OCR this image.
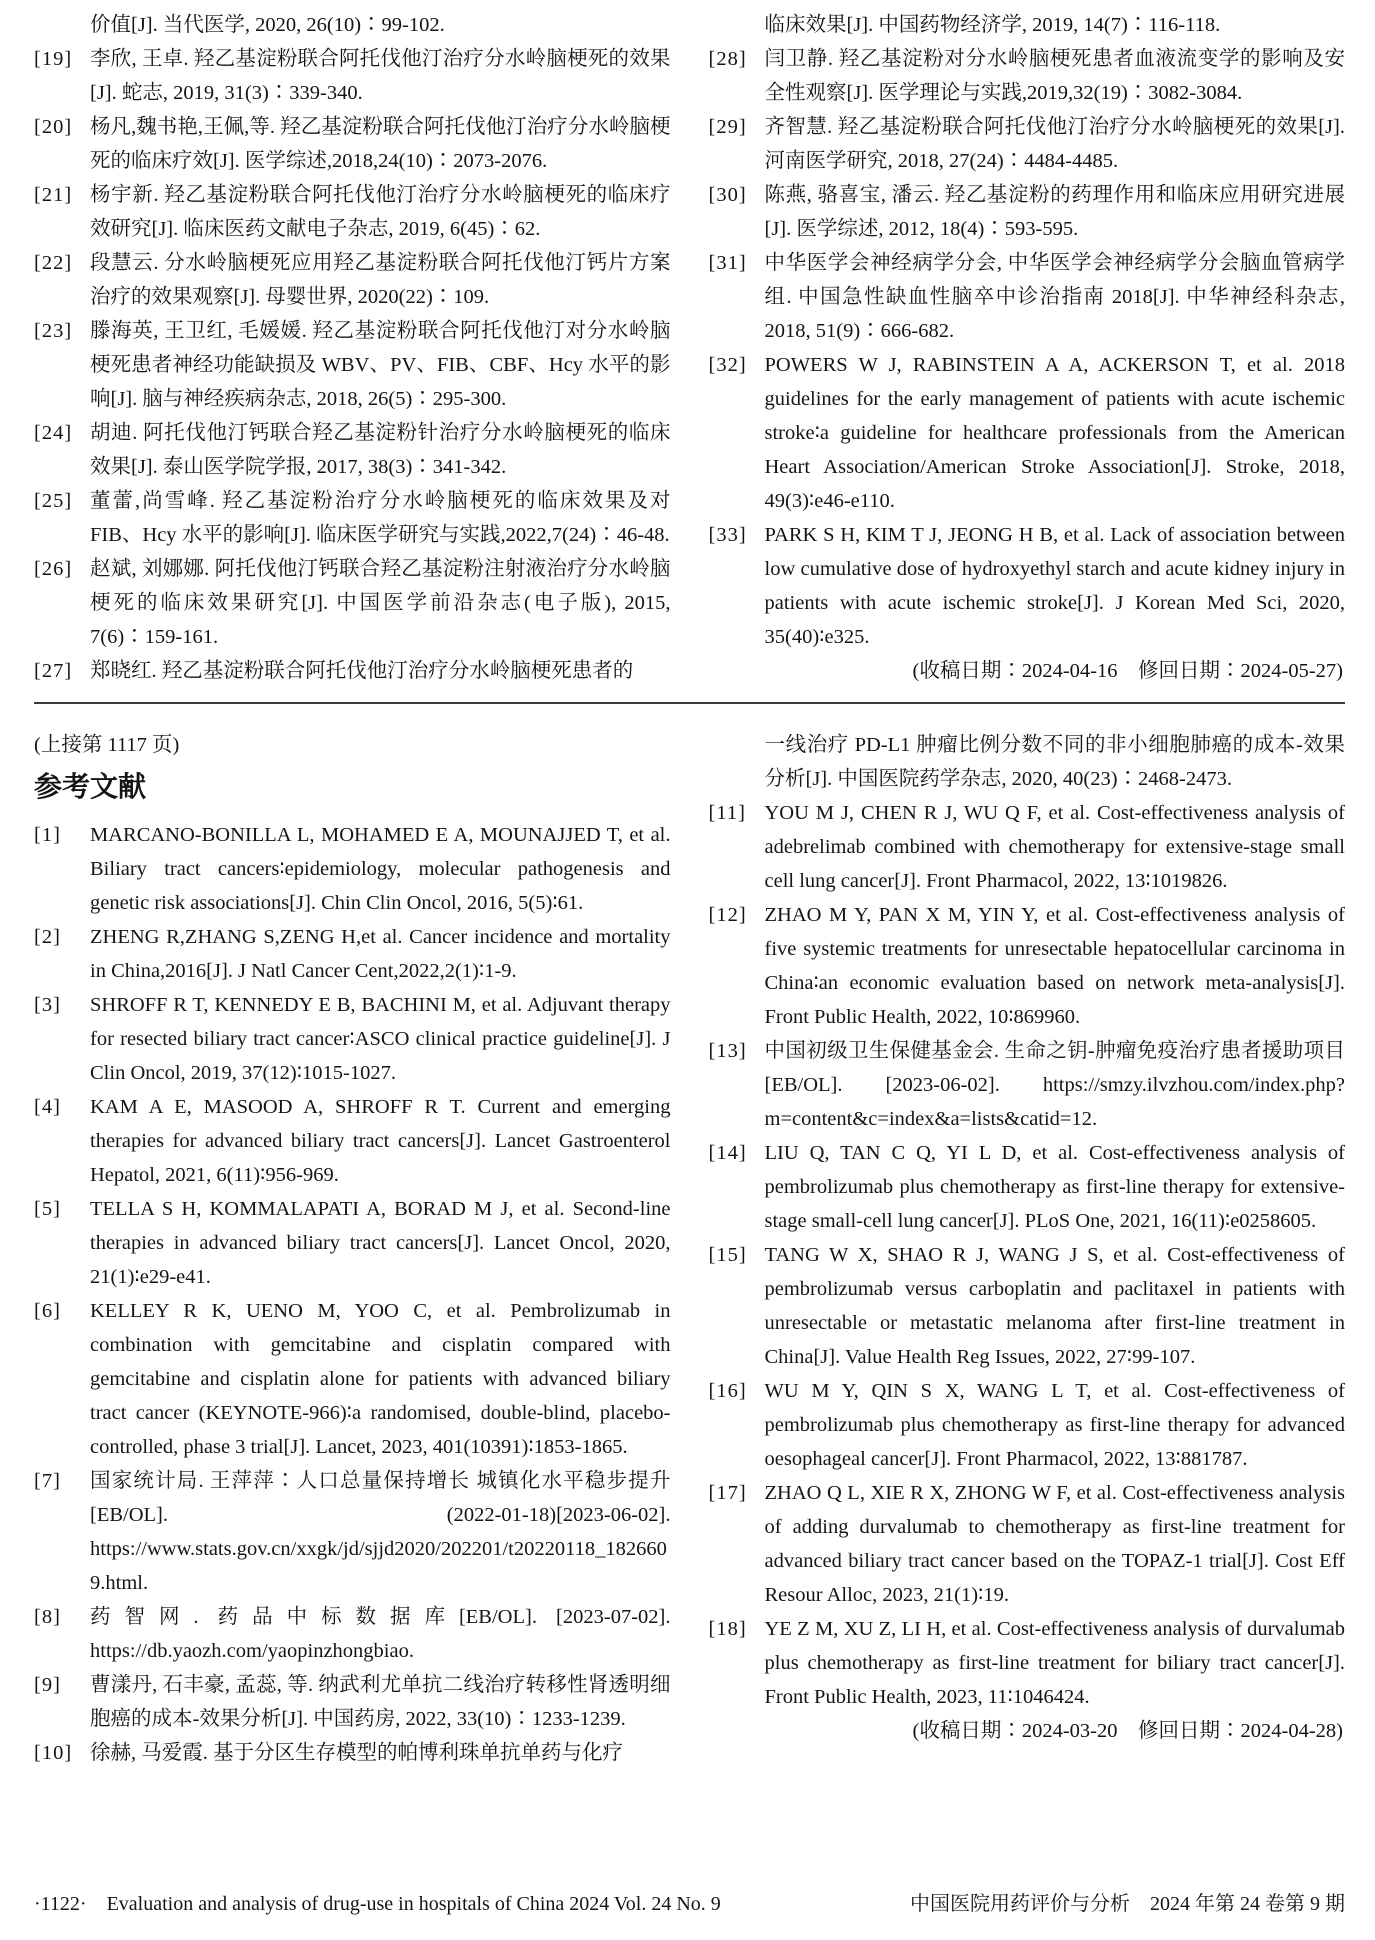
价值[J]. 当代医学, 2020, 26(10)∶99-102.

[19] 李欣, 王卓. 羟乙基淀粉联合阿托伐他汀治疗分水岭脑梗死的效果[J]. 蛇志, 2019, 31(3)∶339-340.
[20] 杨凡,魏书艳,王佩,等. 羟乙基淀粉联合阿托伐他汀治疗分水岭脑梗死的临床疗效[J]. 医学综述,2018,24(10)∶2073-2076.
[21] 杨宇新. 羟乙基淀粉联合阿托伐他汀治疗分水岭脑梗死的临床疗效研究[J]. 临床医药文献电子杂志, 2019, 6(45)∶62.
[22] 段慧云. 分水岭脑梗死应用羟乙基淀粉联合阿托伐他汀钙片方案治疗的效果观察[J]. 母婴世界, 2020(22)∶109.
[23] 滕海英, 王卫红, 毛媛媛. 羟乙基淀粉联合阿托伐他汀对分水岭脑梗死患者神经功能缺损及 WBV、PV、FIB、CBF、Hcy 水平的影响[J]. 脑与神经疾病杂志, 2018, 26(5)∶295-300.
[24] 胡迪. 阿托伐他汀钙联合羟乙基淀粉针治疗分水岭脑梗死的临床效果[J]. 泰山医学院学报, 2017, 38(3)∶341-342.
[25] 董蕾,尚雪峰. 羟乙基淀粉治疗分水岭脑梗死的临床效果及对 FIB、Hcy 水平的影响[J]. 临床医学研究与实践,2022,7(24)∶46-48.
[26] 赵斌, 刘娜娜. 阿托伐他汀钙联合羟乙基淀粉注射液治疗分水岭脑梗死的临床效果研究[J]. 中国医学前沿杂志(电子版), 2015, 7(6)∶159-161.
[27] 郑晓红. 羟乙基淀粉联合阿托伐他汀治疗分水岭脑梗死患者的

临床效果[J]. 中国药物经济学, 2019, 14(7)∶116-118.

[28] 闫卫静. 羟乙基淀粉对分水岭脑梗死患者血液流变学的影响及安全性观察[J]. 医学理论与实践,2019,32(19)∶3082-3084.
[29] 齐智慧. 羟乙基淀粉联合阿托伐他汀治疗分水岭脑梗死的效果[J]. 河南医学研究, 2018, 27(24)∶4484-4485.
[30] 陈燕, 骆喜宝, 潘云. 羟乙基淀粉的药理作用和临床应用研究进展[J]. 医学综述, 2012, 18(4)∶593-595.
[31] 中华医学会神经病学分会, 中华医学会神经病学分会脑血管病学组. 中国急性缺血性脑卒中诊治指南 2018[J]. 中华神经科杂志, 2018, 51(9)∶666-682.
[32] POWERS W J, RABINSTEIN A A, ACKERSON T, et al. 2018 guidelines for the early management of patients with acute ischemic stroke∶a guideline for healthcare professionals from the American Heart Association/American Stroke Association[J]. Stroke, 2018, 49(3)∶e46-e110.
[33] PARK S H, KIM T J, JEONG H B, et al. Lack of association between low cumulative dose of hydroxyethyl starch and acute kidney injury in patients with acute ischemic stroke[J]. J Korean Med Sci, 2020, 35(40)∶e325.

(收稿日期∶2024-04-16　修回日期∶2024-05-27)

(上接第 1117 页)

参考文献
[1]	MARCANO-BONILLA L, MOHAMED E A, MOUNAJJED T, et al. Biliary tract cancers∶epidemiology, molecular pathogenesis and genetic risk associations[J]. Chin Clin Oncol, 2016, 5(5)∶61.
[2]	ZHENG R,ZHANG S,ZENG H,et al. Cancer incidence and mortality in China,2016[J]. J Natl Cancer Cent,2022,2(1)∶1-9.
[3]	SHROFF R T, KENNEDY E B, BACHINI M, et al. Adjuvant therapy for resected biliary tract cancer∶ASCO clinical practice guideline[J]. J Clin Oncol, 2019, 37(12)∶1015-1027.
[4]	KAM A E, MASOOD A, SHROFF R T. Current and emerging therapies for advanced biliary tract cancers[J]. Lancet Gastroenterol Hepatol, 2021, 6(11)∶956-969.
[5]	TELLA S H, KOMMALAPATI A, BORAD M J, et al. Second-line therapies in advanced biliary tract cancers[J]. Lancet Oncol, 2020, 21(1)∶e29-e41.
[6]	KELLEY R K, UENO M, YOO C, et al. Pembrolizumab in combination with gemcitabine and cisplatin compared with gemcitabine and cisplatin alone for patients with advanced biliary tract cancer (KEYNOTE-966)∶a randomised, double-blind, placebo-controlled, phase 3 trial[J]. Lancet, 2023, 401(10391)∶1853-1865.
[7]	国家统计局. 王萍萍∶人口总量保持增长 城镇化水平稳步提升[EB/OL]. (2022-01-18)[2023-06-02]. https://www.stats.gov.cn/xxgk/jd/sjjd2020/202201/t20220118_1826609.html.
[8]	药智网. 药品中标数据库[EB/OL]. [2023-07-02]. https://db.yaozh.com/yaopinzhongbiao.
[9]	曹漾丹, 石丰豪, 孟蕊, 等. 纳武利尤单抗二线治疗转移性肾透明细胞癌的成本-效果分析[J]. 中国药房, 2022, 33(10)∶1233-1239.
[10] 徐赫, 马爱霞. 基于分区生存模型的帕博利珠单抗单药与化疗

一线治疗 PD-L1 肿瘤比例分数不同的非小细胞肺癌的成本-效果分析[J]. 中国医院药学杂志, 2020, 40(23)∶2468-2473.

[11] YOU M J, CHEN R J, WU Q F, et al. Cost-effectiveness analysis of adebrelimab combined with chemotherapy for extensive-stage small cell lung cancer[J]. Front Pharmacol, 2022, 13∶1019826.
[12] ZHAO M Y, PAN X M, YIN Y, et al. Cost-effectiveness analysis of five systemic treatments for unresectable hepatocellular carcinoma in China∶an economic evaluation based on network meta-analysis[J]. Front Public Health, 2022, 10∶869960.
[13] 中国初级卫生保健基金会. 生命之钥-肿瘤免疫治疗患者援助项目[EB/OL]. [2023-06-02]. https://smzy.ilvzhou.com/index.php? m=content&c=index&a=lists&catid=12.
[14] LIU Q, TAN C Q, YI L D, et al. Cost-effectiveness analysis of pembrolizumab plus chemotherapy as first-line therapy for extensive-stage small-cell lung cancer[J]. PLoS One, 2021, 16(11)∶e0258605.
[15] TANG W X, SHAO R J, WANG J S, et al. Cost-effectiveness of pembrolizumab versus carboplatin and paclitaxel in patients with unresectable or metastatic melanoma after first-line treatment in China[J]. Value Health Reg Issues, 2022, 27∶99-107.
[16] WU M Y, QIN S X, WANG L T, et al. Cost-effectiveness of pembrolizumab plus chemotherapy as first-line therapy for advanced oesophageal cancer[J]. Front Pharmacol, 2022, 13∶881787.
[17] ZHAO Q L, XIE R X, ZHONG W F, et al. Cost-effectiveness analysis of adding durvalumab to chemotherapy as first-line treatment for advanced biliary tract cancer based on the TOPAZ-1 trial[J]. Cost Eff Resour Alloc, 2023, 21(1)∶19.
[18] YE Z M, XU Z, LI H, et al. Cost-effectiveness analysis of durvalumab plus chemotherapy as first-line treatment for biliary tract cancer[J]. Front Public Health, 2023, 11∶1046424.

(收稿日期∶2024-03-20　修回日期∶2024-04-28)

·1122·　Evaluation and analysis of drug-use in hospitals of China 2024 Vol. 24 No. 9	中国医院用药评价与分析　2024 年第 24 卷第 9 期
